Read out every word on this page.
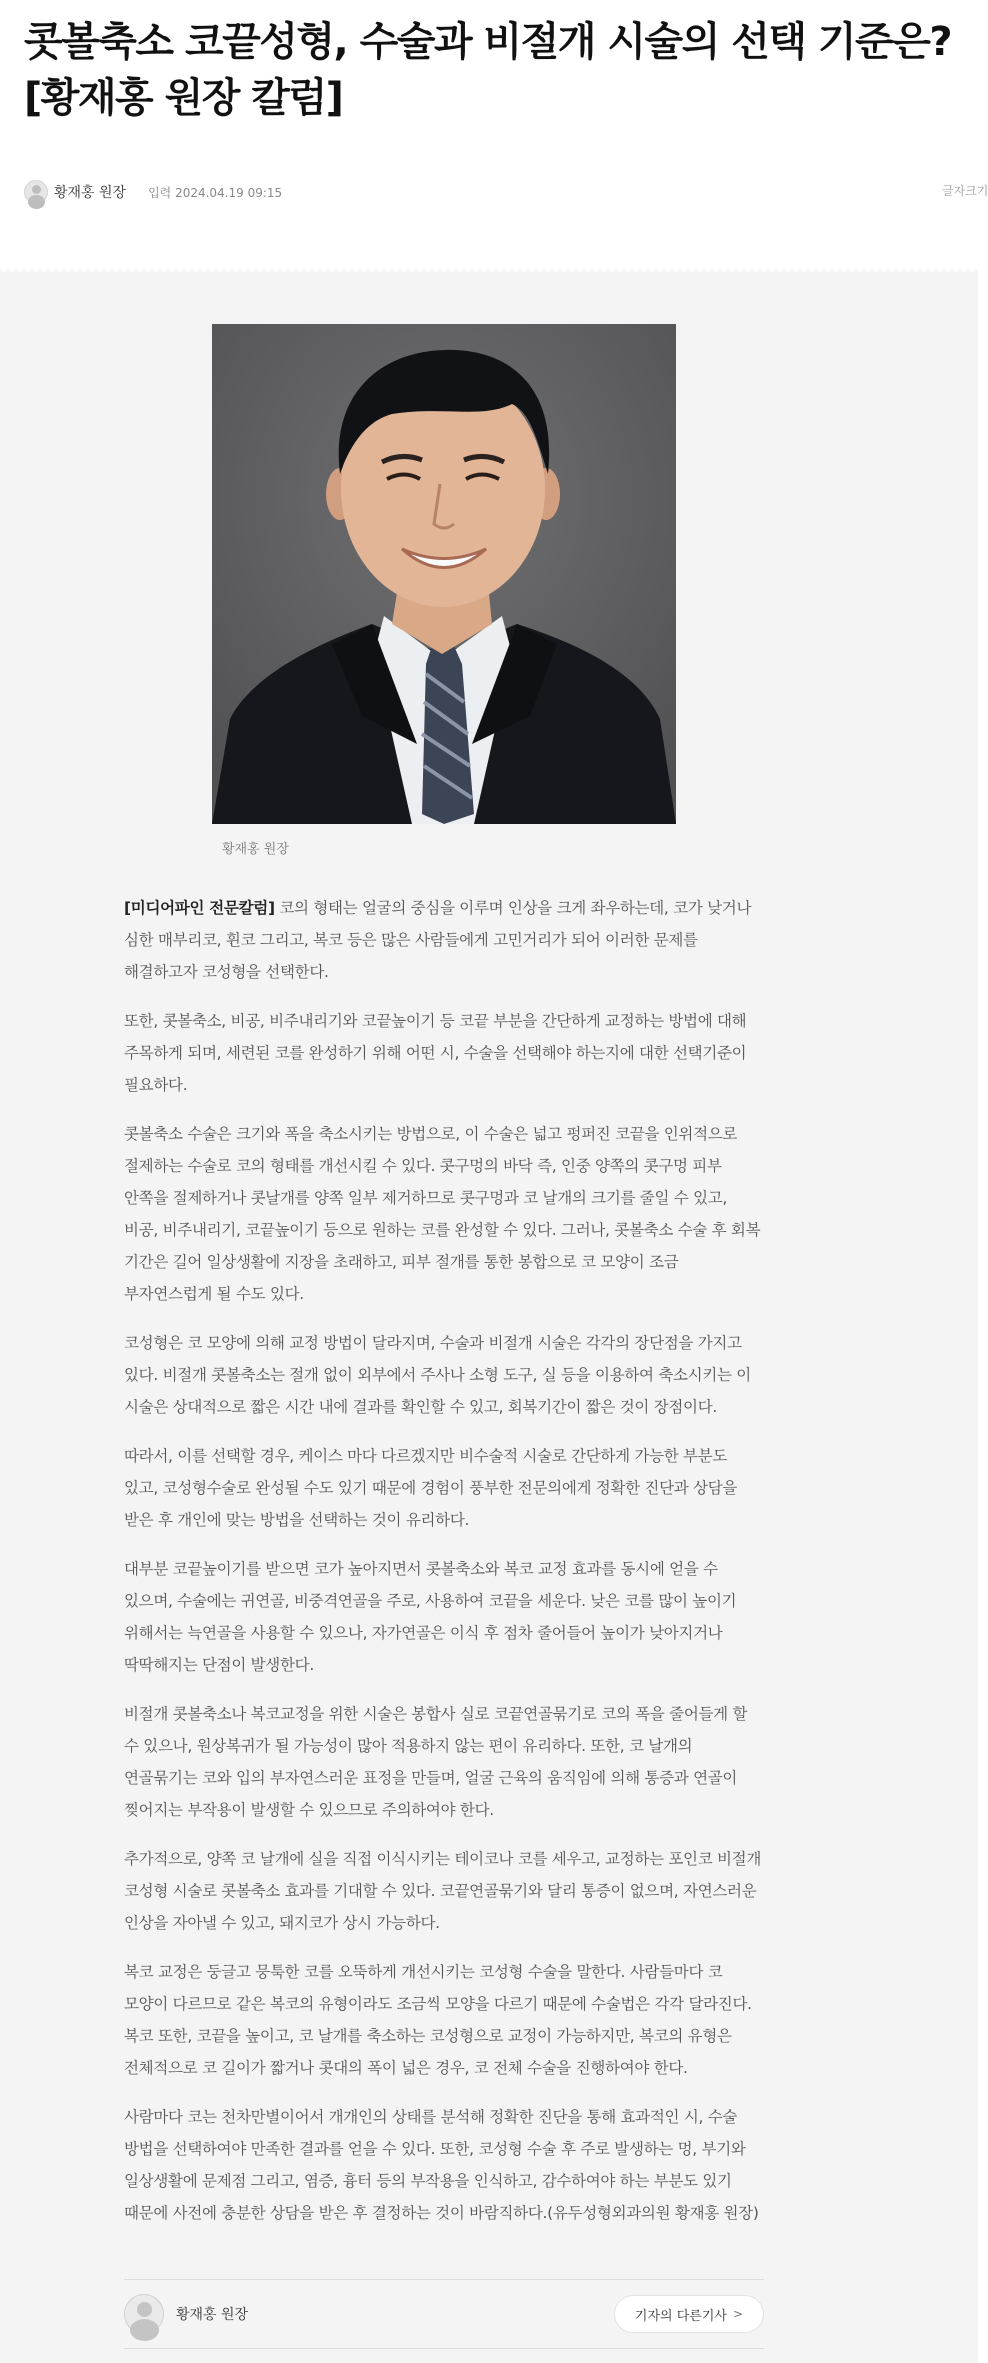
콧볼축소 코끝성형, 수술과 비절개 시술의 선택 기준은? [황재홍 원장 칼럼]
황재홍 원장 입력 2024.04.19 09:15	글자크기
황재홍 원장

[미디어파인 전문칼럼] 코의 형태는 얼굴의 중심을 이루며 인상을 크게 좌우하는데, 코가 낮거나 심한 매부리코, 휜코 그리고, 복코 등은 많은 사람들에게 고민거리가 되어 이러한 문제를 해결하고자 코성형을 선택한다.

또한, 콧볼축소, 비공, 비주내리기와 코끝높이기 등 코끝 부분을 간단하게 교정하는 방법에 대해 주목하게 되며, 세련된 코를 완성하기 위해 어떤 시, 수술을 선택해야 하는지에 대한 선택기준이 필요하다.

콧볼축소 수술은 크기와 폭을 축소시키는 방법으로, 이 수술은 넓고 펑퍼진 코끝을 인위적으로 절제하는 수술로 코의 형태를 개선시킬 수 있다. 콧구멍의 바닥 즉, 인중 양쪽의 콧구멍 피부 안쪽을 절제하거나 콧날개를 양쪽 일부 제거하므로 콧구멍과 코 날개의 크기를 줄일 수 있고, 비공, 비주내리기, 코끝높이기 등으로 원하는 코를 완성할 수 있다. 그러나, 콧볼축소 수술 후 회복 기간은 길어 일상생활에 지장을 초래하고, 피부 절개를 통한 봉합으로 코 모양이 조금 부자연스럽게 될 수도 있다.

코성형은 코 모양에 의해 교정 방법이 달라지며, 수술과 비절개 시술은 각각의 장단점을 가지고 있다. 비절개 콧볼축소는 절개 없이 외부에서 주사나 소형 도구, 실 등을 이용하여 축소시키는 이 시술은 상대적으로 짧은 시간 내에 결과를 확인할 수 있고, 회복기간이 짧은 것이 장점이다.

따라서, 이를 선택할 경우, 케이스 마다 다르겠지만 비수술적 시술로 간단하게 가능한 부분도 있고, 코성형수술로 완성될 수도 있기 때문에 경험이 풍부한 전문의에게 정확한 진단과 상담을 받은 후 개인에 맞는 방법을 선택하는 것이 유리하다.

대부분 코끝높이기를 받으면 코가 높아지면서 콧볼축소와 복코 교정 효과를 동시에 얻을 수 있으며, 수술에는 귀연골, 비중격연골을 주로, 사용하여 코끝을 세운다. 낮은 코를 많이 높이기 위해서는 늑연골을 사용할 수 있으나, 자가연골은 이식 후 점차 줄어들어 높이가 낮아지거나 딱딱해지는 단점이 발생한다.

비절개 콧볼축소나 복코교정을 위한 시술은 봉합사 실로 코끝연골묶기로 코의 폭을 줄어들게 할 수 있으나, 원상복귀가 될 가능성이 많아 적용하지 않는 편이 유리하다. 또한, 코 날개의 연골묶기는 코와 입의 부자연스러운 표정을 만들며, 얼굴 근육의 움직임에 의해 통증과 연골이 찢어지는 부작용이 발생할 수 있으므로 주의하여야 한다.

추가적으로, 양쪽 코 날개에 실을 직접 이식시키는 테이코나 코를 세우고, 교정하는 포인코 비절개 코성형 시술로 콧볼축소 효과를 기대할 수 있다. 코끝연골묶기와 달리 통증이 없으며, 자연스러운 인상을 자아낼 수 있고, 돼지코가 상시 가능하다.

복코 교정은 둥글고 뭉툭한 코를 오뚝하게 개선시키는 코성형 수술을 말한다. 사람들마다 코 모양이 다르므로 같은 복코의 유형이라도 조금씩 모양을 다르기 때문에 수술법은 각각 달라진다. 복코 또한, 코끝을 높이고, 코 날개를 축소하는 코성형으로 교정이 가능하지만, 복코의 유형은 전체적으로 코 길이가 짧거나 콧대의 폭이 넓은 경우, 코 전체 수술을 진행하여야 한다.

사람마다 코는 천차만별이어서 개개인의 상태를 분석해 정확한 진단을 통해 효과적인 시, 수술 방법을 선택하여야 만족한 결과를 얻을 수 있다. 또한, 코성형 수술 후 주로 발생하는 멍, 부기와 일상생활에 문제점 그리고, 염증, 흉터 등의 부작용을 인식하고, 감수하여야 하는 부분도 있기 때문에 사전에 충분한 상담을 받은 후 결정하는 것이 바람직하다.(유두성형외과의원 황재홍 원장)

황재홍 원장	기자의 다른기사 >
